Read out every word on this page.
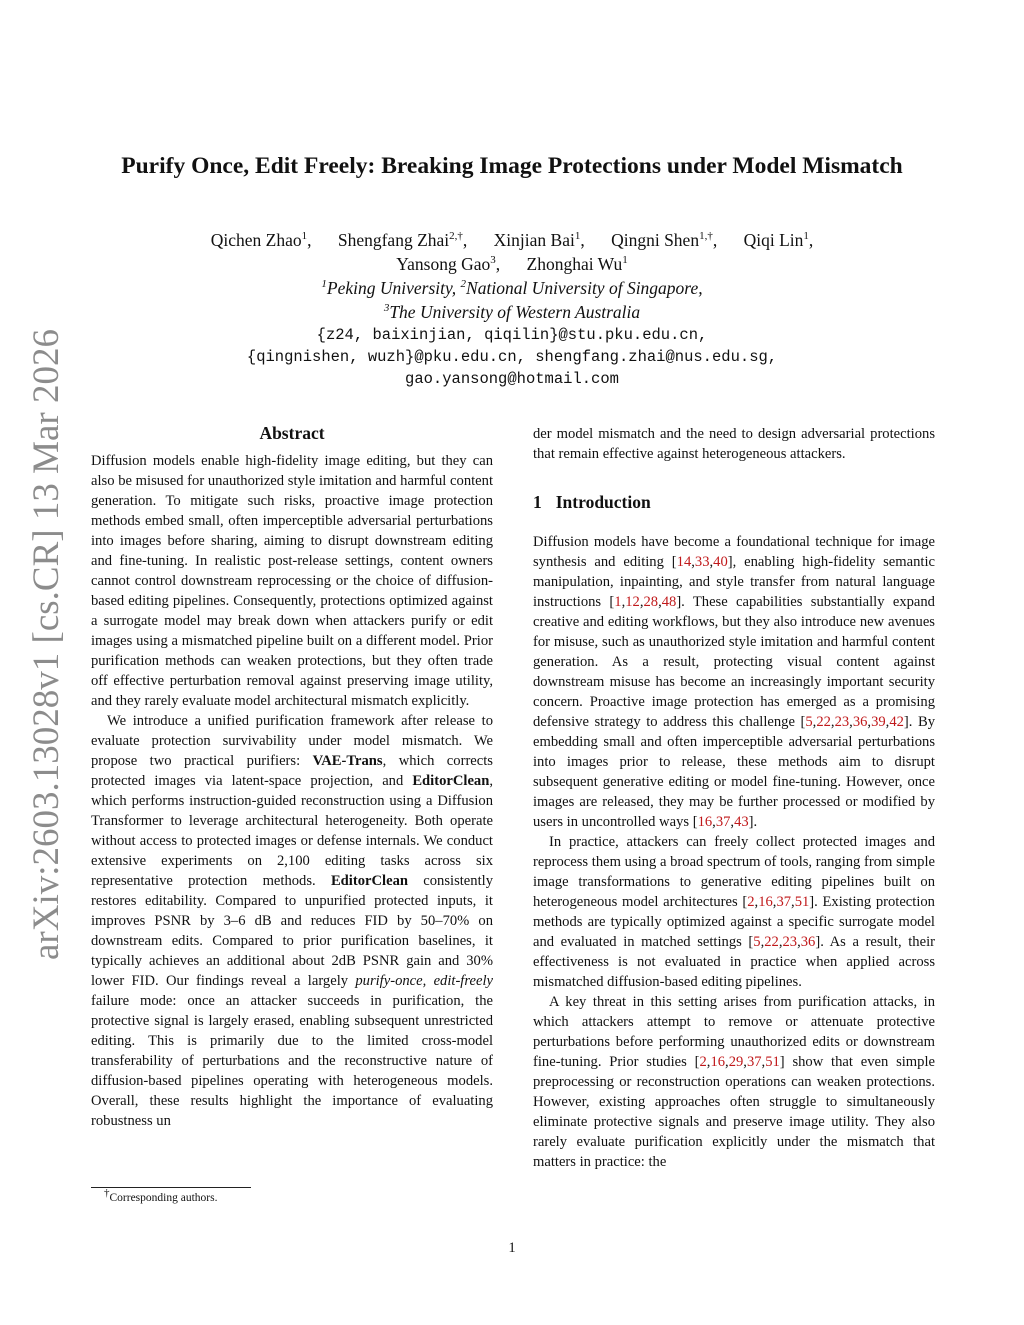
arXiv:2603.13028v1 [cs.CR] 13 Mar 2026
Purify Once, Edit Freely: Breaking Image Protections under Model Mismatch
Qichen Zhao$^1$, Shengfang Zhai$^{2,\dagger}$, Xinjian Bai$^1$, Qingni Shen$^{1,\dagger}$, Qiqi Lin$^1$,
Yansong Gao$^3$, Zhonghai Wu$^1$
$^1$Peking University, $^2$National University of Singapore,
$^3$The University of Western Australia
{z24, baixinjian, qiqilin}@stu.pku.edu.cn,
{qingnishen, wuzh}@pku.edu.cn, shengfang.zhai@nus.edu.sg,
gao.yansong@hotmail.com
Abstract

Diffusion models enable high-fidelity image editing, but they can also be misused for unauthorized style imitation and harmful content generation. To mitigate such risks, proactive image protection methods embed small, often imperceptible adversarial perturbations into images before sharing, aiming to disrupt downstream editing and fine-tuning. In realistic post-release settings, content owners cannot control downstream reprocessing or the choice of diffusion-based editing pipelines. Consequently, protections optimized against a surrogate model may break down when attackers purify or edit images using a mismatched pipeline built on a different model. Prior purification methods can weaken protections, but they often trade off effective perturbation removal against preserving image utility, and they rarely evaluate model architectural mismatch explicitly.

We introduce a unified purification framework after release to evaluate protection survivability under model mismatch. We propose two practical purifiers: VAE-Trans, which corrects protected images via latent-space projection, and EditorClean, which performs instruction-guided reconstruction using a Diffusion Transformer to leverage architectural heterogeneity. Both operate without access to protected images or defense internals. We conduct extensive experiments on 2,100 editing tasks across six representative protection methods. EditorClean consistently restores editability. Compared to unpurified protected inputs, it improves PSNR by 3–6 dB and reduces FID by 50–70% on downstream edits. Compared to prior purification baselines, it typically achieves an additional about 2dB PSNR gain and 30% lower FID. Our findings reveal a largely purify-once, edit-freely failure mode: once an attacker succeeds in purification, the protective signal is largely erased, enabling subsequent unrestricted editing. This is primarily due to the limited cross-model transferability of perturbations and the reconstructive nature of diffusion-based pipelines operating with heterogeneous models. Overall, these results highlight the importance of evaluating robustness un

der model mismatch and the need to design adversarial protections that remain effective against heterogeneous attackers.

1 Introduction

Diffusion models have become a foundational technique for image synthesis and editing [14,33,40], enabling high-fidelity semantic manipulation, inpainting, and style transfer from natural language instructions [1,12,28,48]. These capabilities substantially expand creative and editing workflows, but they also introduce new avenues for misuse, such as unauthorized style imitation and harmful content generation. As a result, protecting visual content against downstream misuse has become an increasingly important security concern. Proactive image protection has emerged as a promising defensive strategy to address this challenge [5,22,23,36,39,42]. By embedding small and often imperceptible adversarial perturbations into images prior to release, these methods aim to disrupt subsequent generative editing or model fine-tuning. However, once images are released, they may be further processed or modified by users in uncontrolled ways [16,37,43].

In practice, attackers can freely collect protected images and reprocess them using a broad spectrum of tools, ranging from simple image transformations to generative editing pipelines built on heterogeneous model architectures [2,16,37,51]. Existing protection methods are typically optimized against a specific surrogate model and evaluated in matched settings [5,22,23,36]. As a result, their effectiveness is not evaluated in practice when applied across mismatched diffusion-based editing pipelines.

A key threat in this setting arises from purification attacks, in which attackers attempt to remove or attenuate protective perturbations before performing unauthorized edits or downstream fine-tuning. Prior studies [2,16,29,37,51] show that even simple preprocessing or reconstruction operations can weaken protections. However, existing approaches often struggle to simultaneously eliminate protective signals and preserve image utility. They also rarely evaluate purification explicitly under the mismatch that matters in practice: the

†Corresponding authors.
1
